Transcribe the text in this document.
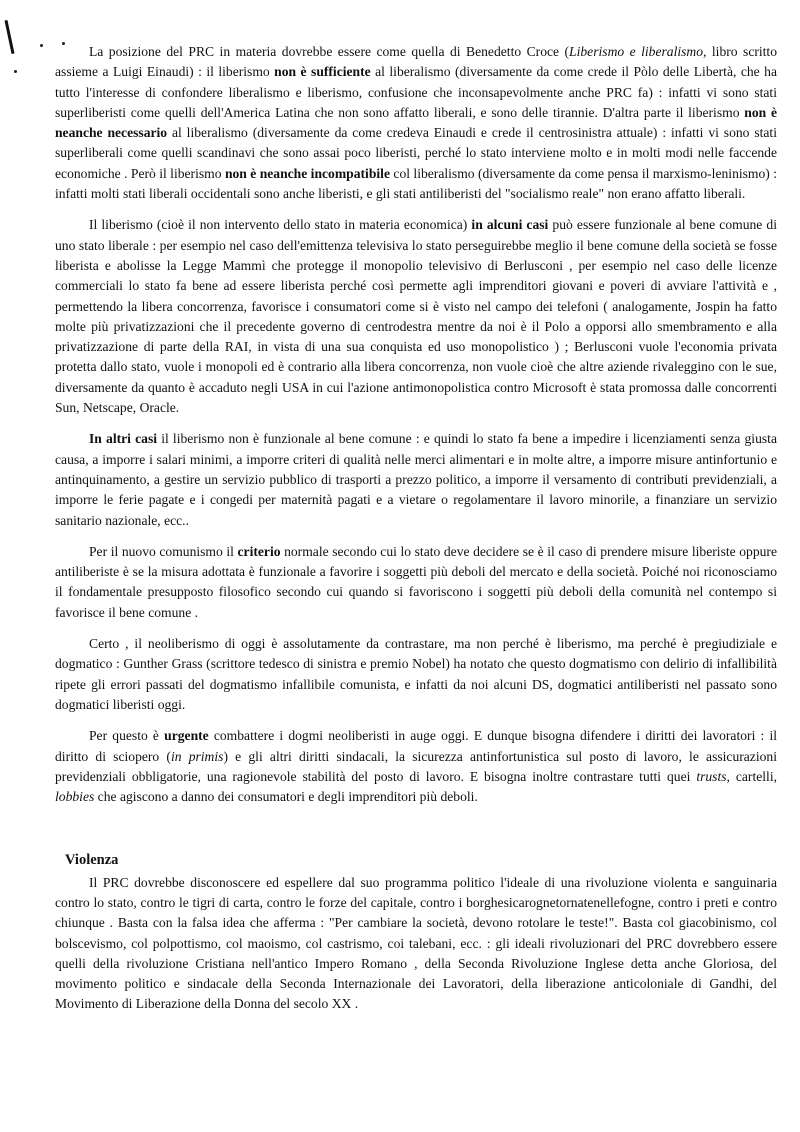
La posizione del PRC in materia dovrebbe essere come quella di Benedetto Croce (Liberismo e liberalismo, libro scritto assieme a Luigi Einaudi) : il liberismo non è sufficiente al liberalismo (diversamente da come crede il Pòlo delle Libertà, che ha tutto l'interesse di confondere liberalismo e liberismo, confusione che inconsapevolmente anche PRC fa) : infatti vi sono stati superliberisti come quelli dell'America Latina che non sono affatto liberali, e sono delle tirannie. D'altra parte il liberismo non è neanche necessario al liberalismo (diversamente da come credeva Einaudi e crede il centrosinistra attuale) : infatti vi sono stati superliberali come quelli scandinavi che sono assai poco liberisti, perché lo stato interviene molto e in molti modi nelle faccende economiche . Però il liberismo non è neanche incompatibile col liberalismo (diversamente da come pensa il marxismo-leninismo) : infatti molti stati liberali occidentali sono anche liberisti, e gli stati antiliberisti del "socialismo reale" non erano affatto liberali.

Il liberismo (cioè il non intervento dello stato in materia economica) in alcuni casi può essere funzionale al bene comune di uno stato liberale : per esempio nel caso dell'emittenza televisiva lo stato perseguirebbe meglio il bene comune della società se fosse liberista e abolisse la Legge Mammì che protegge il monopolio televisivo di Berlusconi , per esempio nel caso delle licenze commerciali lo stato fa bene ad essere liberista perché così permette agli imprenditori giovani e poveri di avviare l'attività e , permettendo la libera concorrenza, favorisce i consumatori come si è visto nel campo dei telefoni ( analogamente, Jospin ha fatto molte più privatizzazioni che il precedente governo di centrodestra mentre da noi è il Polo a opporsi allo smembramento e alla privatizzazione di parte della RAI, in vista di una sua conquista ed uso monopolistico ) ; Berlusconi vuole l'economia privata protetta dallo stato, vuole i monopoli ed è contrario alla libera concorrenza, non vuole cioè che altre aziende rivaleggino con le sue, diversamente da quanto è accaduto negli USA in cui l'azione antimonopolistica contro Microsoft è stata promossa dalle concorrenti Sun, Netscape, Oracle.

In altri casi il liberismo non è funzionale al bene comune : e quindi lo stato fa bene a impedire i licenziamenti senza giusta causa, a imporre i salari minimi, a imporre criteri di qualità nelle merci alimentari e in molte altre, a imporre misure antinfortunio e antinquinamento, a gestire un servizio pubblico di trasporti a prezzo politico, a imporre il versamento di contributi previdenziali, a imporre le ferie pagate e i congedi per maternità pagati e a vietare o regolamentare il lavoro minorile, a finanziare un servizio sanitario nazionale, ecc..

Per il nuovo comunismo il criterio normale secondo cui lo stato deve decidere se è il caso di prendere misure liberiste oppure antiliberiste è se la misura adottata è funzionale a favorire i soggetti più deboli del mercato e della società. Poiché noi riconosciamo il fondamentale presupposto filosofico secondo cui quando si favoriscono i soggetti più deboli della comunità nel contempo si favorisce il bene comune .

Certo , il neoliberismo di oggi è assolutamente da contrastare, ma non perché è liberismo, ma perché è pregiudiziale e dogmatico : Gunther Grass (scrittore tedesco di sinistra e premio Nobel) ha notato che questo dogmatismo con delirio di infallibilità ripete gli errori passati del dogmatismo infallibile comunista, e infatti da noi alcuni DS, dogmatici antiliberisti nel passato sono dogmatici liberisti oggi.

Per questo è urgente combattere i dogmi neoliberisti in auge oggi. E dunque bisogna difendere i diritti dei lavoratori : il diritto di sciopero (in primis) e gli altri diritti sindacali, la sicurezza antinfortunistica sul posto di lavoro, le assicurazioni previdenziali obbligatorie, una ragionevole stabilità del posto di lavoro. E bisogna inoltre contrastare tutti quei trusts, cartelli, lobbies che agiscono a danno dei consumatori e degli imprenditori più deboli.

Violenza

Il PRC dovrebbe disconoscere ed espellere dal suo programma politico l'ideale di una rivoluzione violenta e sanguinaria contro lo stato, contro le tigri di carta, contro le forze del capitale, contro i borghesicarognetornatenellefogne, contro i preti e contro chiunque . Basta con la falsa idea che afferma : "Per cambiare la società, devono rotolare le teste!". Basta col giacobinismo, col bolscevismo, col polpottismo, col maoismo, col castrismo, coi talebani, ecc. : gli ideali rivoluzionari del PRC dovrebbero essere quelli della rivoluzione Cristiana nell'antico Impero Romano , della Seconda Rivoluzione Inglese detta anche Gloriosa, del movimento politico e sindacale della Seconda Internazionale dei Lavoratori, della liberazione anticoloniale di Gandhi, del Movimento di Liberazione della Donna del secolo XX .
